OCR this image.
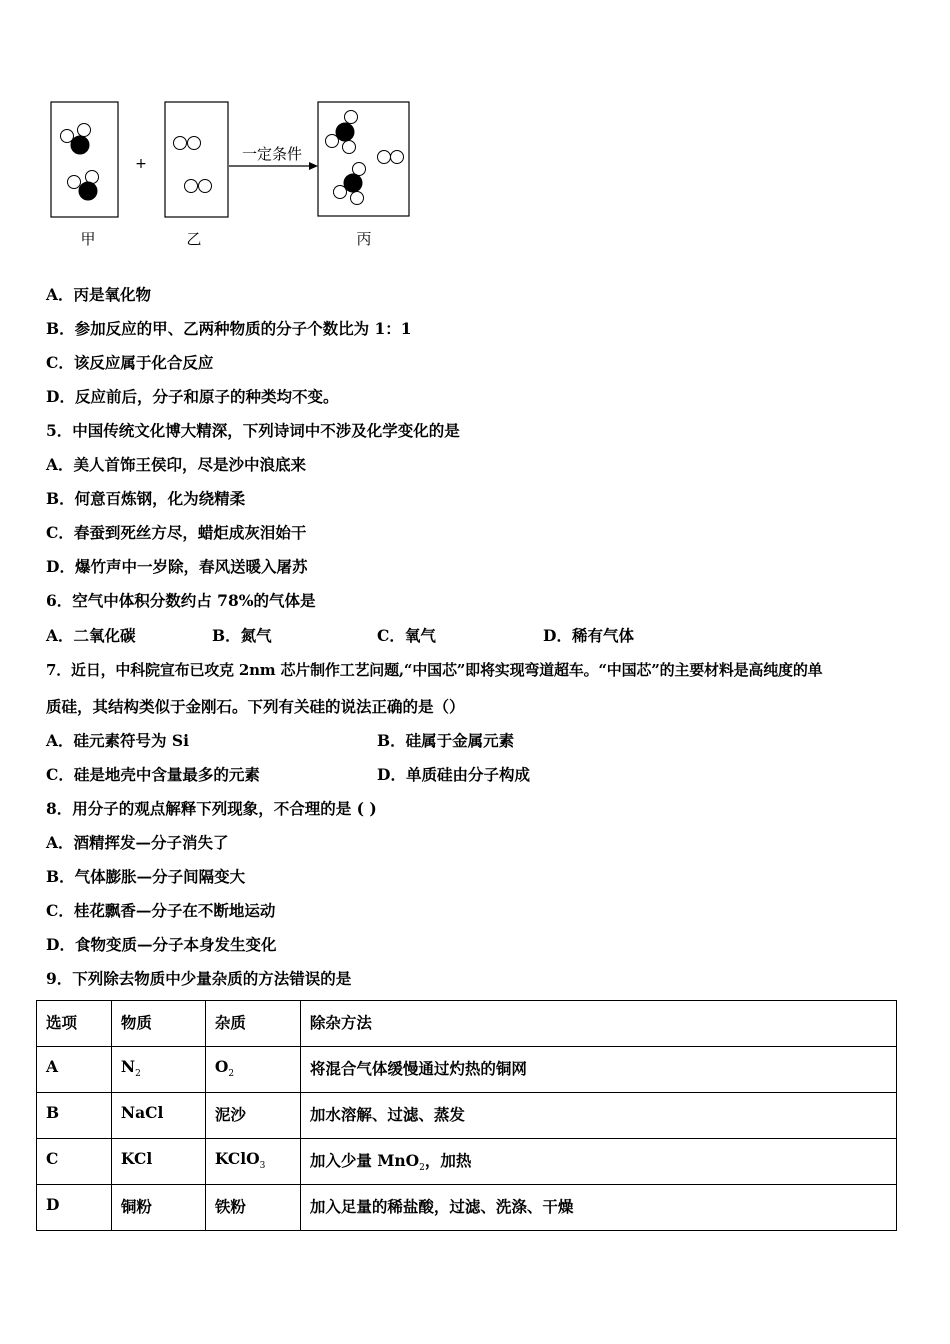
+
一定条件
甲	乙	丙
A．丙是氧化物
B．参加反应的甲、乙两种物质的分子个数比为 1：1
C．该反应属于化合反应
D．反应前后，分子和原子的种类均不变。
5．中国传统文化博大精深，下列诗词中不涉及化学变化的是
A．美人首饰王侯印，尽是沙中浪底来
B．何意百炼钢，化为绕精柔
C．春蚕到死丝方尽，蜡炬成灰泪始干
D．爆竹声中一岁除，春风送暖入屠苏
6．空气中体积分数约占 78%的气体是
A．二氧化碳	B．氮气	C．氧气	D．稀有气体
7．近日，中科院宣布已攻克 2nm 芯片制作工艺问题,“中国芯”即将实现弯道超车。“中国芯”的主要材料是高纯度的单
质硅，其结构类似于金刚石。下列有关硅的说法正确的是（）
A．硅元素符号为 Si	B．硅属于金属元素
C．硅是地壳中含量最多的元素	D．单质硅由分子构成
8．用分子的观点解释下列现象，不合理的是 ( )
A．酒精挥发—分子消失了
B．气体膨胀—分子间隔变大
C．桂花飘香—分子在不断地运动
D．食物变质—分子本身发生变化
9．下列除去物质中少量杂质的方法错误的是
选项	物质	杂质	除杂方法
A	$N_2$	$O_2$	将混合气体缓慢通过灼热的铜网
B	NaCl	泥沙	加水溶解、过滤、蒸发
C	KCl	KClO$_3$	加入少量 MnO$_2$，加热
D	铜粉	铁粉	加入足量的稀盐酸，过滤、洗涤、干燥
